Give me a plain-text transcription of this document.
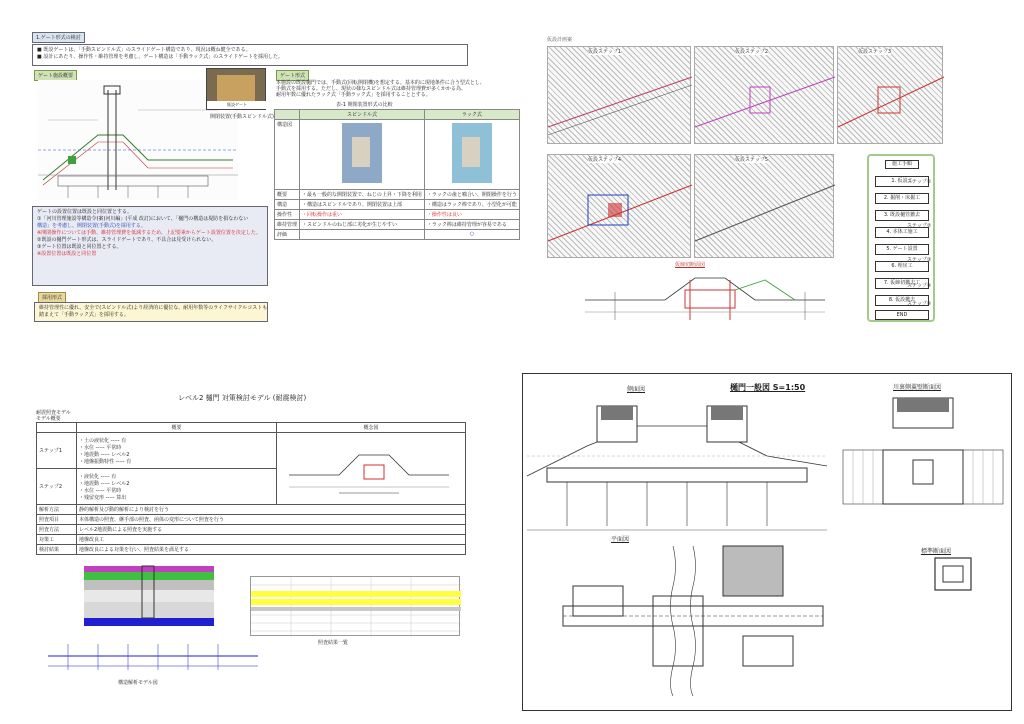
1.ゲート形式の検討

■ 既設ゲートは、「手動スピンドル式」のスライドゲート構造であり、現況は概ね健全である。

■ 設計にあたり、操作性・維持管理を考慮し、ゲート構造は「手動ラック式」のスライドゲートを採用した。

ゲート施設概要
既設ゲート
開閉装置(手動スピンドル式)
ゲート形式
本施設の既設樋門では、手動式(回転開閉機)を想定する。基本的に現地条件に合う型式とし、
手動式を採用する。ただし、現状の様なスピンドル式は維持管理費が多くかかる為、
耐用年数に優れたラック式「手動ラック式」を採用することとする。
表-1 開閉装置形式の比較
	スピンドル式	ラック式
構造図	

概要	・最も一般的な開閉装置で、ねじの上昇・下降を利用	・ラックの歯と噛合い、開閉操作を行う
構造	・構造はスピンドルであり、開閉装置は上部	・構造はラック棒であり、小型化が可能
操作性	・回転操作は重い	・操作性は良い
維持管理	・スピンドルのねじ部に劣化が生じやすい	・ラック棒は維持管理が容易である
評価		○

ゲートの設置位置は既設と同位置とする。

①「河川管理施設等構造令(案)河川編」(平成 改訂)において、「樋門の構造は堤防を損なわない

構造」を考慮し、開閉装置(手動式)を採用する。

※開閉操作については手動、維持管理費を低減するため、上記要素からゲート設置位置を決定した。

②既設の樋門ゲート形式は、スライドゲートであり、不具合は見受けられない。

③ゲート位置は既設と同位置とする。

※設置位置は既設と同位置

採用形式

維持管理性に優れ、安全で(スピンドル式)より経済的に優位な、耐用年数等のライフサイクルコストも

踏まえて「手動ラック式」を採用する。

仮設計画案
仮設ステップ1	仮設ステップ2	仮設ステップ3
仮設ステップ4	仮設ステップ5
仮締切断面図
施工手順
1. 仮設工
2. 掘削・床掘工
3. 既設樋管撤去
4. 本体工施工
5. ゲート設置
6. 埋戻工
7. 仮締切撤去工
8. 仮設撤去
END
ステップ①
ステップ②
ステップ③
ステップ④
ステップ⑤
レベル2 樋門 対策検討モデル (耐震検討)
耐震照査モデル
モデル概要
	概要	概念図
ステップ1	・土の液状化 ----- 有
・水位 ----- 平常時
・地震動 ----- レベル2
・地盤振動特性 ----- 有

ステップ2	・液状化 ----- 有
・地震動 ----- レベル2
・水位 ----- 平常時
・残留変形 ----- 算出	

解析方法	静的解析及び動的解析により検討を行う	
照査項目	本体構造の照査、継手部の照査、函体の変形について照査を行う	
照査方法	レベル2地震動による照査を実施する	
対策工	地盤改良工	
検討結果	地盤改良による対策を行い、照査結果を満足する	
構造解析モデル図
照査結果一覧
樋門一般図 S=1:50
側面図	川裏側翼壁断面図
平面図
標準断面図
